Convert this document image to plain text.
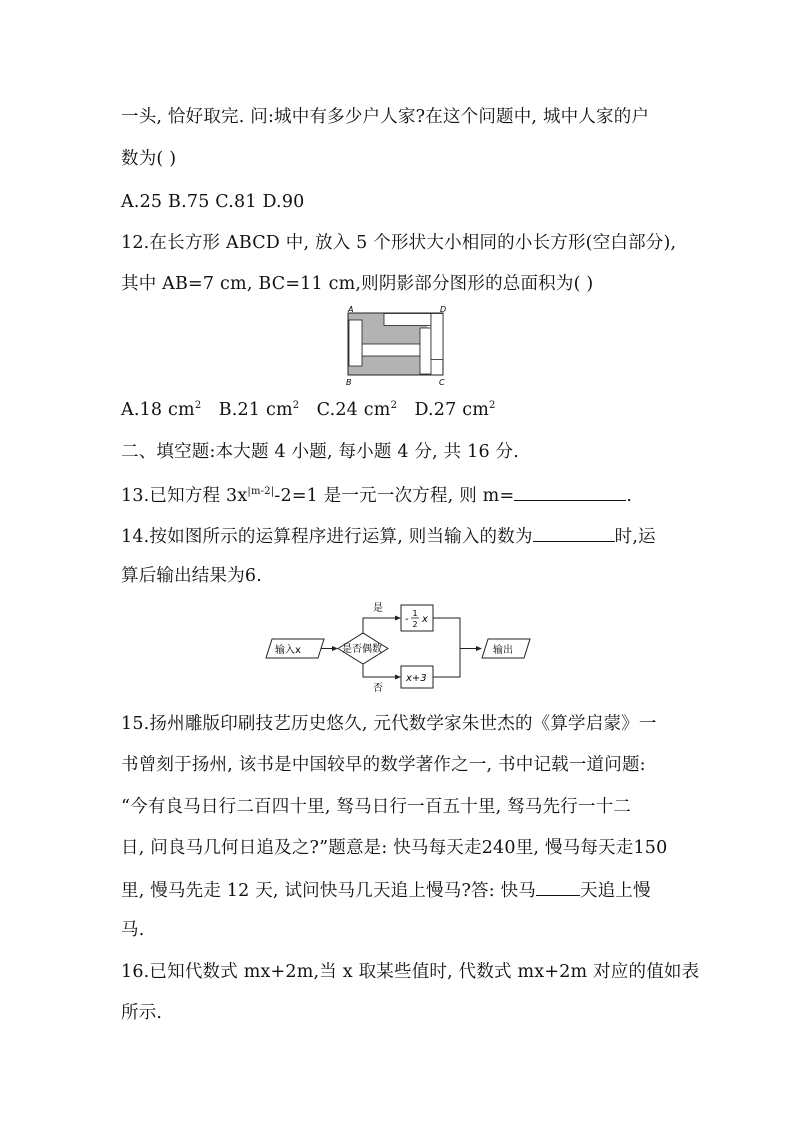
一头, 恰好取完. 问:城中有多少户人家?在这个问题中, 城中人家的户
数为( )
A.25 B.75 C.81 D.90
12.在长方形 ABCD 中, 放入 5 个形状大小相同的小长方形(空白部分),
其中 AB=7 cm, BC=11 cm,则阴影部分图形的总面积为( )
A	D
B	C
A.18 $cm^2$ B.21 $cm^2$ C.24 $cm^2$ D.27 $cm^2$
二、填空题:本大题 4 小题, 每小题 4 分, 共 16 分.
13.已知方程 $3x^{|m-2|}-2=1$ 是一元一次方程, 则 m=	.
14.按如图所示的运算程序进行运算, 则当输入的数为	时,运
算后输出结果为6.
输入x	是否偶数
是
-
1
2 x
否
x+3
输出
15.扬州雕版印刷技艺历史悠久, 元代数学家朱世杰的《算学启蒙》一
书曾刻于扬州, 该书是中国较早的数学著作之一, 书中记载一道问题:
“今有良马日行二百四十里, 驽马日行一百五十里, 驽马先行一十二
日, 问良马几何日追及之?”题意是: 快马每天走240里, 慢马每天走150
里, 慢马先走 12 天, 试问快马几天追上慢马?答: 快马	天追上慢
马.
16.已知代数式 mx+2m,当 x 取某些值时, 代数式 mx+2m 对应的值如表
所示.
